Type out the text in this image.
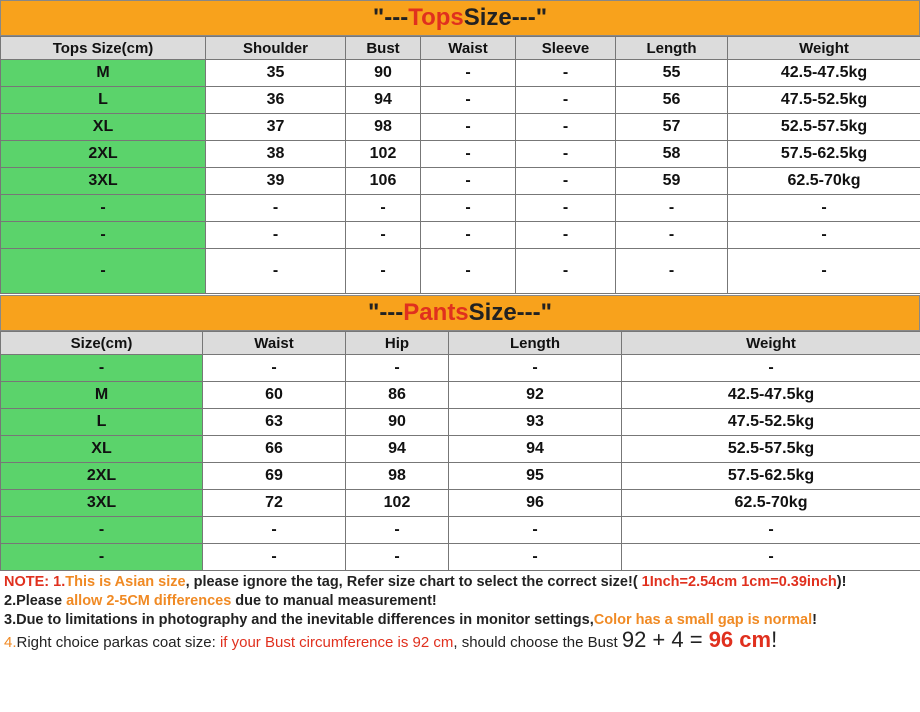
"--- Tops Size---"
Tops Size(cm)	Shoulder	Bust	Waist	Sleeve	Length	Weight
M	35	90	-	-	55	42.5-47.5kg
L	36	94	-	-	56	47.5-52.5kg
XL	37	98	-	-	57	52.5-57.5kg
2XL	38	102	-	-	58	57.5-62.5kg
3XL	39	106	-	-	59	62.5-70kg
-	-	-	-	-	-	-
-	-	-	-	-	-	-
-	-	-	-	-	-	-
"--- Pants Size---"
Size(cm)	Waist	Hip	Length	Weight
-	-	-	-	-
M	60	86	92	42.5-47.5kg
L	63	90	93	47.5-52.5kg
XL	66	94	94	52.5-57.5kg
2XL	69	98	95	57.5-62.5kg
3XL	72	102	96	62.5-70kg
-	-	-	-	-
-	-	-	-	-
NOTE: 1.This is Asian size, please ignore the tag, Refer size chart to select the correct size!( 1Inch=2.54cm 1cm=0.39inch)!
2.Please allow 2-5CM differences due to manual measurement!
3.Due to limitations in photography and the inevitable differences in monitor settings,Color has a small gap is normal!
4.Right choice parkas coat size: if your Bust circumference is 92 cm, should choose the Bust 92 + 4 = 96 cm!
